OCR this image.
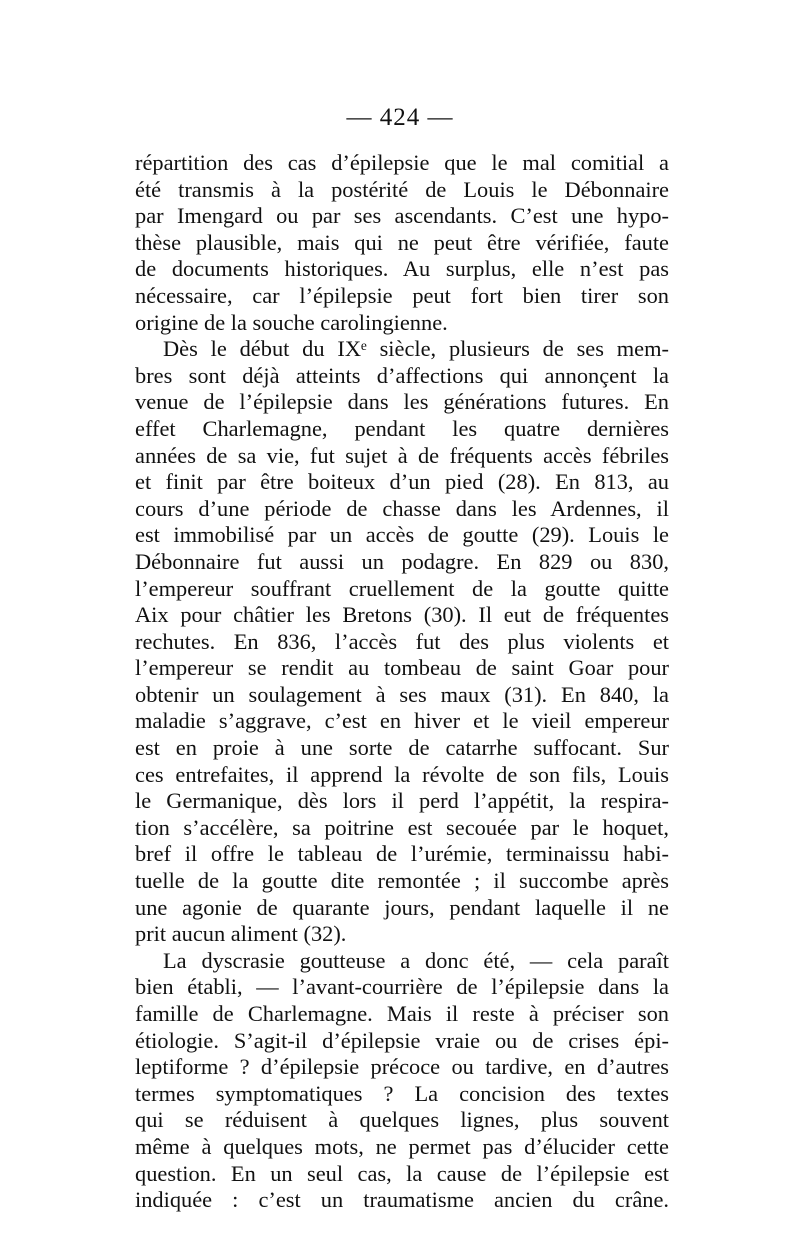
— 424 —
répartition des cas d’épilepsie que le mal comitial a
été transmis à la postérité de Louis le Débonnaire
par Imengard ou par ses ascendants. C’est une hypo-
thèse plausible, mais qui ne peut être vérifiée, faute
de documents historiques. Au surplus, elle n’est pas
nécessaire, car l’épilepsie peut fort bien tirer son
origine de la souche carolingienne.
Dès le début du IXᵉ siècle, plusieurs de ses mem-
bres sont déjà atteints d’affections qui annonçent la
venue de l’épilepsie dans les générations futures. En
effet Charlemagne, pendant les quatre dernières
années de sa vie, fut sujet à de fréquents accès fébriles
et finit par être boiteux d’un pied (28). En 813, au
cours d’une période de chasse dans les Ardennes, il
est immobilisé par un accès de goutte (29). Louis le
Débonnaire fut aussi un podagre. En 829 ou 830,
l’empereur souffrant cruellement de la goutte quitte
Aix pour châtier les Bretons (30). Il eut de fréquentes
rechutes. En 836, l’accès fut des plus violents et
l’empereur se rendit au tombeau de saint Goar pour
obtenir un soulagement à ses maux (31). En 840, la
maladie s’aggrave, c’est en hiver et le vieil empereur
est en proie à une sorte de catarrhe suffocant. Sur
ces entrefaites, il apprend la révolte de son fils, Louis
le Germanique, dès lors il perd l’appétit, la respira-
tion s’accélère, sa poitrine est secouée par le hoquet,
bref il offre le tableau de l’urémie, terminaissu habi-
tuelle de la goutte dite remontée ; il succombe après
une agonie de quarante jours, pendant laquelle il ne
prit aucun aliment (32).
La dyscrasie goutteuse a donc été, — cela paraît
bien établi, — l’avant-courrière de l’épilepsie dans la
famille de Charlemagne. Mais il reste à préciser son
étiologie. S’agit-il d’épilepsie vraie ou de crises épi-
leptiforme ? d’épilepsie précoce ou tardive, en d’autres
termes symptomatiques ? La concision des textes
qui se réduisent à quelques lignes, plus souvent
même à quelques mots, ne permet pas d’élucider cette
question. En un seul cas, la cause de l’épilepsie est
indiquée : c’est un traumatisme ancien du crâne.
